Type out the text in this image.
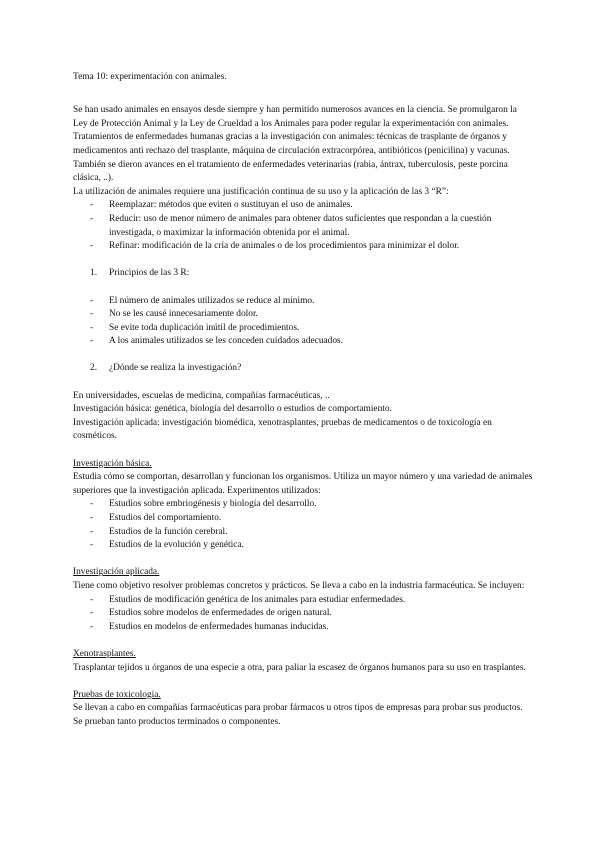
Tema 10: experimentación con animales.

Se han usado animales en ensayos desde siempre y han permitido numerosos avances en la ciencia. Se promulgaron la Ley de Protección Animal y la Ley de Crueldad a los Animales para poder regular la experimentación con animales. Tratamientos de enfermedades humanas gracias a la investigación con animales: técnicas de trasplante de órganos y medicamentos anti rechazo del trasplante, máquina de circulación extracorpórea, antibióticos (penicilina) y vacunas.

También se dieron avances en el tratamiento de enfermedades veterinarias (rabia, ántrax, tuberculosis, peste porcina clásica, ..).

La utilización de animales requiere una justificación continua de su uso y la aplicación de las 3 “R”:

- Reemplazar: métodos que eviten o sustituyan el uso de animales.
- Reducir: uso de menor número de animales para obtener datos suficientes que respondan a la cuestión investigada, o maximizar la información obtenida por el animal.
- Refinar: modificación de la cría de animales o de los procedimientos para minimizar el dolor.

1. Principios de las 3 R:

- El número de animales utilizados se reduce al mínimo.
- No se les causé innecesariamente dolor.
- Se evite toda duplicación inútil de procedimientos.
- A los animales utilizados se les conceden cuidados adecuados.

2. ¿Dónde se realiza la investigación?

En universidades, escuelas de medicina, compañías farmacéuticas, ..

Investigación básica: genética, biología del desarrollo o estudios de comportamiento.

Investigación aplicada: investigación biomédica, xenotrasplantes, pruebas de medicamentos o de toxicología en cosméticos.

Investigación básica.

Estudia cómo se comportan, desarrollan y funcionan los organismos. Utiliza un mayor número y una variedad de animales superiores que la investigación aplicada. Experimentos utilizados:

- Estudios sobre embriogénesis y biología del desarrollo.
- Estudios del comportamiento.
- Estudios de la función cerebral.
- Estudios de la evolución y genética.

Investigación aplicada.

Tiene como objetivo resolver problemas concretos y prácticos. Se lleva a cabo en la industria farmacéutica. Se incluyen:

- Estudios de modificación genética de los animales para estudiar enfermedades.
- Estudios sobre modelos de enfermedades de origen natural.
- Estudios en modelos de enfermedades humanas inducidas.

Xenotrasplantes.

Trasplantar tejidos u órganos de una especie a otra, para paliar la escasez de órganos humanos para su uso en trasplantes.

Pruebas de toxicología.

Se llevan a cabo en compañías farmacéuticas para probar fármacos u otros tipos de empresas para probar sus productos. Se prueban tanto productos terminados o componentes.
